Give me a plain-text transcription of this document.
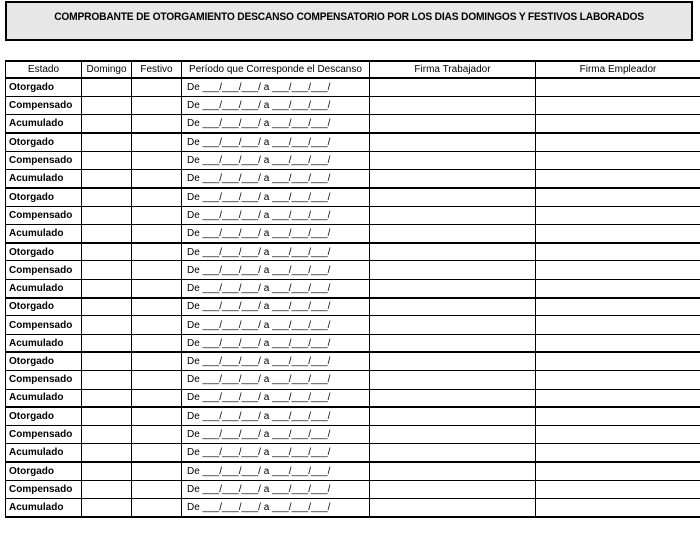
COMPROBANTE DE OTORGAMIENTO DESCANSO COMPENSATORIO POR LOS DIAS DOMINGOS Y FESTIVOS LABORADOS
Estado	Domingo	Festivo	Período que Corresponde el Descanso	Firma Trabajador	Firma Empleador
Otorgado			De ___/___/___/ a ___/___/___/		
Compensado			De ___/___/___/ a ___/___/___/		
Acumulado			De ___/___/___/ a ___/___/___/		
Otorgado			De ___/___/___/ a ___/___/___/		
Compensado			De ___/___/___/ a ___/___/___/		
Acumulado			De ___/___/___/ a ___/___/___/		
Otorgado			De ___/___/___/ a ___/___/___/		
Compensado			De ___/___/___/ a ___/___/___/		
Acumulado			De ___/___/___/ a ___/___/___/		
Otorgado			De ___/___/___/ a ___/___/___/		
Compensado			De ___/___/___/ a ___/___/___/		
Acumulado			De ___/___/___/ a ___/___/___/		
Otorgado			De ___/___/___/ a ___/___/___/		
Compensado			De ___/___/___/ a ___/___/___/		
Acumulado			De ___/___/___/ a ___/___/___/		
Otorgado			De ___/___/___/ a ___/___/___/		
Compensado			De ___/___/___/ a ___/___/___/		
Acumulado			De ___/___/___/ a ___/___/___/		
Otorgado			De ___/___/___/ a ___/___/___/		
Compensado			De ___/___/___/ a ___/___/___/		
Acumulado			De ___/___/___/ a ___/___/___/		
Otorgado			De ___/___/___/ a ___/___/___/		
Compensado			De ___/___/___/ a ___/___/___/		
Acumulado			De ___/___/___/ a ___/___/___/		
